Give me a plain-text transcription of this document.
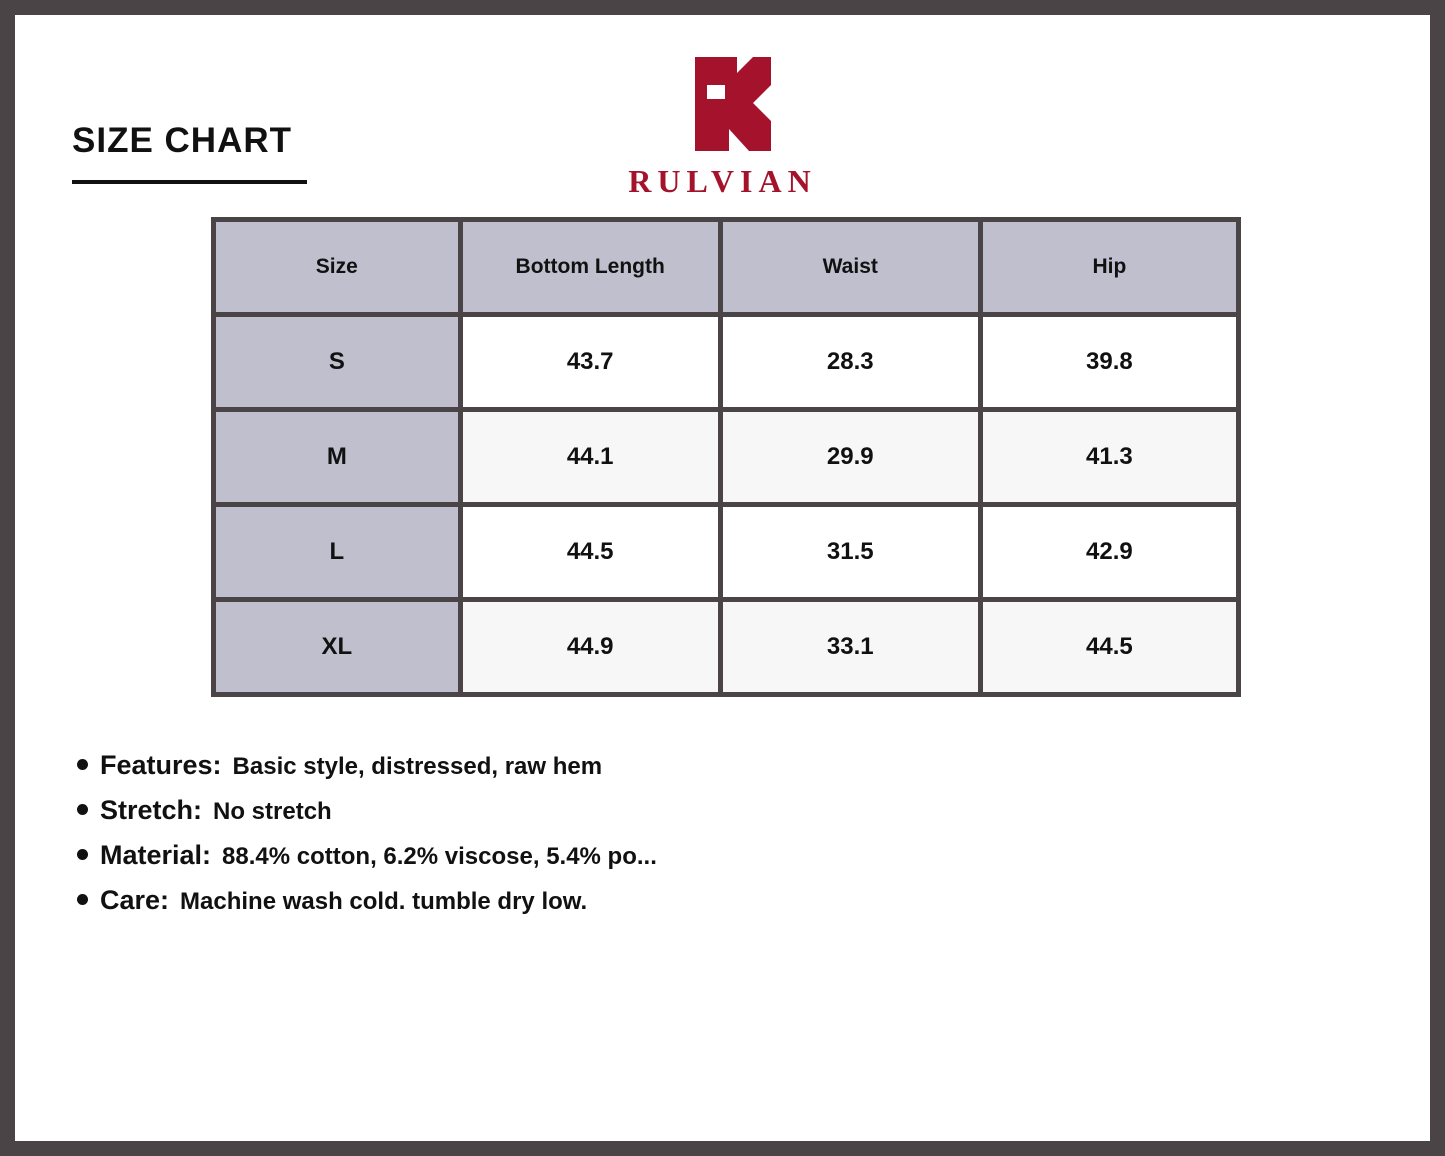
SIZE CHART
RULVIAN
Size	Bottom Length	Waist	Hip
S	43.7	28.3	39.8
M	44.1	29.9	41.3
L	44.5	31.5	42.9
XL	44.9	33.1	44.5
Features: Basic style, distressed, raw hem
Stretch: No stretch
Material: 88.4% cotton, 6.2% viscose, 5.4% po...
Care: Machine wash cold. tumble dry low.
